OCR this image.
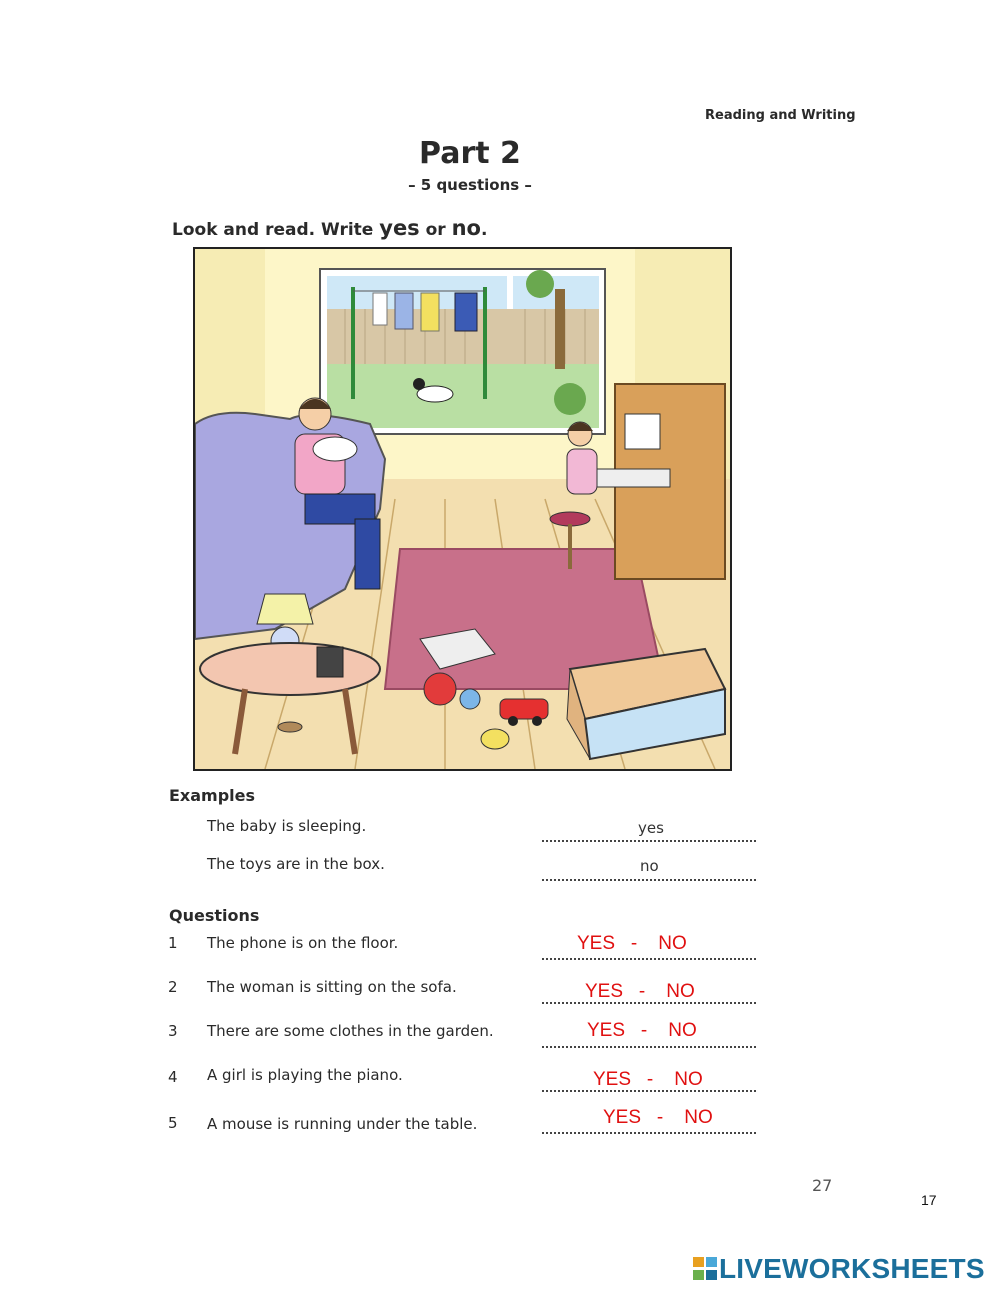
Reading and Writing
Part 2
– 5 questions –
Look and read. Write yes or no.
Examples
The baby is sleeping.	yes
The toys are in the box.	no
Questions
1 The phone is on the floor.	YES   -    NO
2 The woman is sitting on the sofa.	YES   -    NO
3 There are some clothes in the garden.	YES   -    NO
4 A girl is playing the piano.	YES   -    NO
5 A mouse is running under the table.	YES   -    NO
27
17
LIVEWORKSHEETS
